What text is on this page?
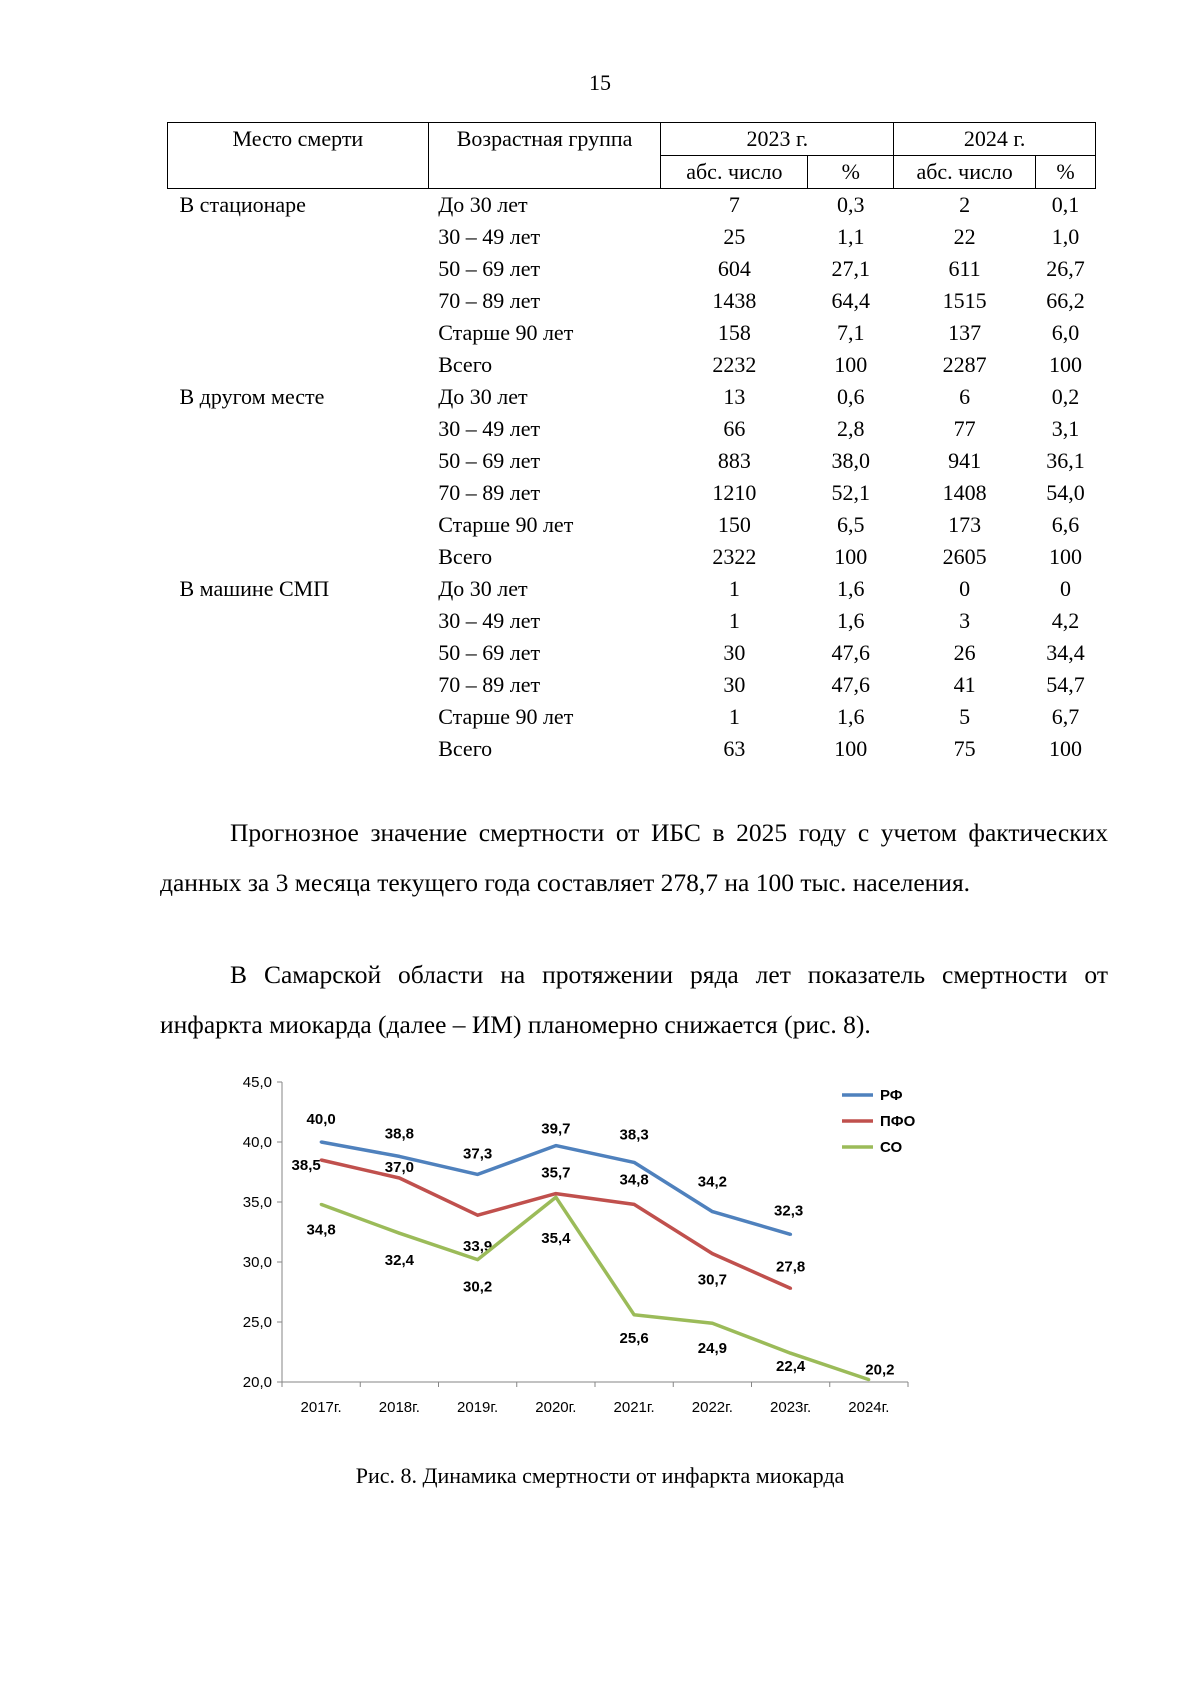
15
Место смерти	Возрастная группа	2023 г.		2024 г.	
		абс. число	%	абс. число	%
В стационаре	До 30 лет	7	0,3	2	0,1
	30 – 49 лет	25	1,1	22	1,0
	50 – 69 лет	604	27,1	611	26,7
	70 – 89 лет	1438	64,4	1515	66,2
	Старше 90 лет	158	7,1	137	6,0
	Всего	2232	100	2287	100
В другом месте	До 30 лет	13	0,6	6	0,2
	30 – 49 лет	66	2,8	77	3,1
	50 – 69 лет	883	38,0	941	36,1
	70 – 89 лет	1210	52,1	1408	54,0
	Старше 90 лет	150	6,5	173	6,6
	Всего	2322	100	2605	100
В машине СМП	До 30 лет	1	1,6	0	0
	30 – 49 лет	1	1,6	3	4,2
	50 – 69 лет	30	47,6	26	34,4
	70 – 89 лет	30	47,6	41	54,7
	Старше 90 лет	1	1,6	5	6,7
	Всего	63	100	75	100
Прогнозное значение смертности от ИБС в 2025 году с учетом фактических данных за 3 месяца текущего года составляет 278,7 на 100 тыс. населения.
В Самарской области на протяжении ряда лет показатель смертности от инфаркта миокарда (далее – ИМ) планомерно снижается (рис. 8).
20,0
25,0
30,0
35,0
40,0
45,0
2017г. 2018г. 2019г. 2020г. 2021г. 2022г. 2023г. 2024г.
40,0
38,8
37,3
39,7	38,3
34,2
32,3
38,5	37,0
33,9
35,7	34,8
30,7
27,8
34,8
32,4
30,2
35,4
25,6
24,9
22,4	20,2
РФ
ПФО
СО
Рис. 8. Динамика смертности от инфаркта миокарда
